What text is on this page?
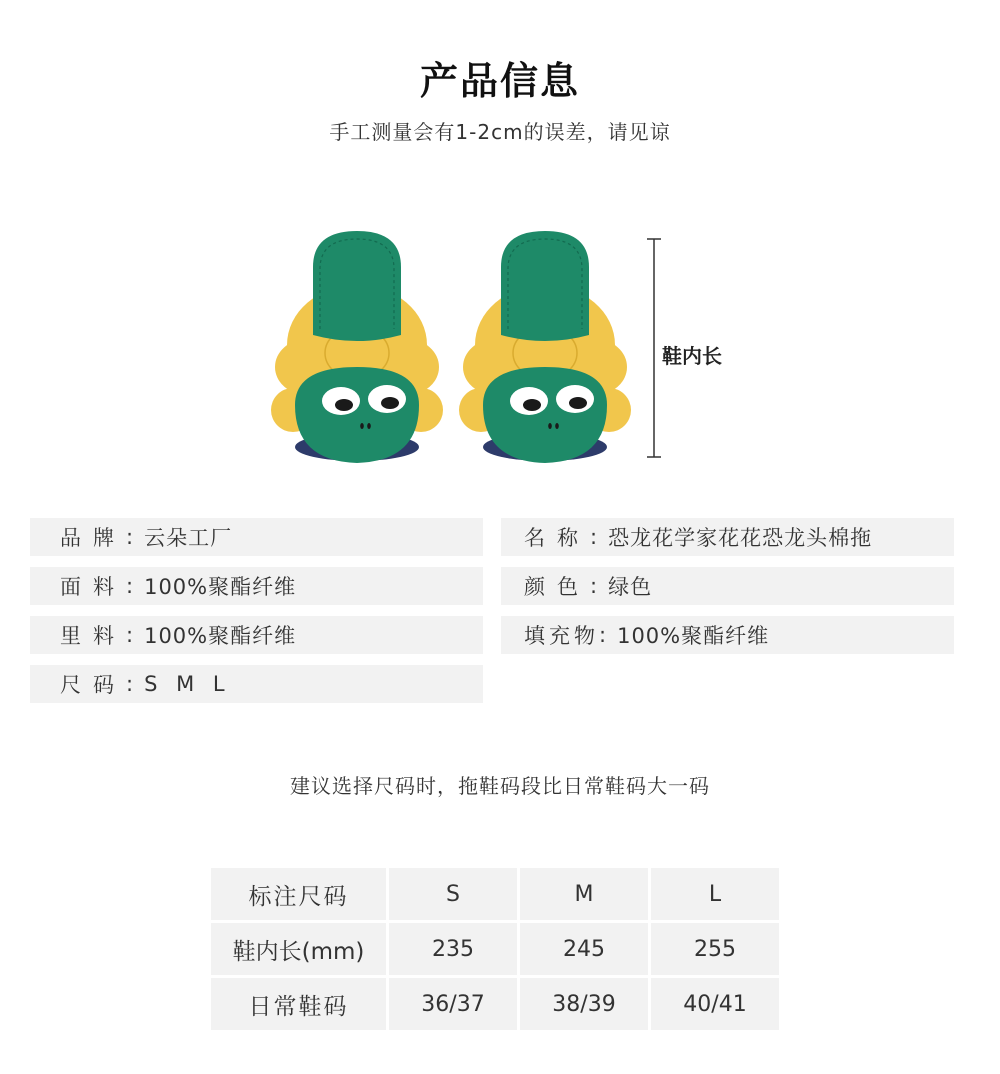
产品信息
手工测量会有1-2cm的误差，请见谅
鞋内长
品牌 : 云朵工厂	名称 : 恐龙花学家花花恐龙头棉拖
面料 : 100%聚酯纤维	颜色 : 绿色
里料 : 100%聚酯纤维	填充物 : 100%聚酯纤维
尺码 : S M L
建议选择尺码时，拖鞋码段比日常鞋码大一码
标注尺码	S	M	L
鞋内长(mm)	235	245	255
日常鞋码	36/37	38/39	40/41
